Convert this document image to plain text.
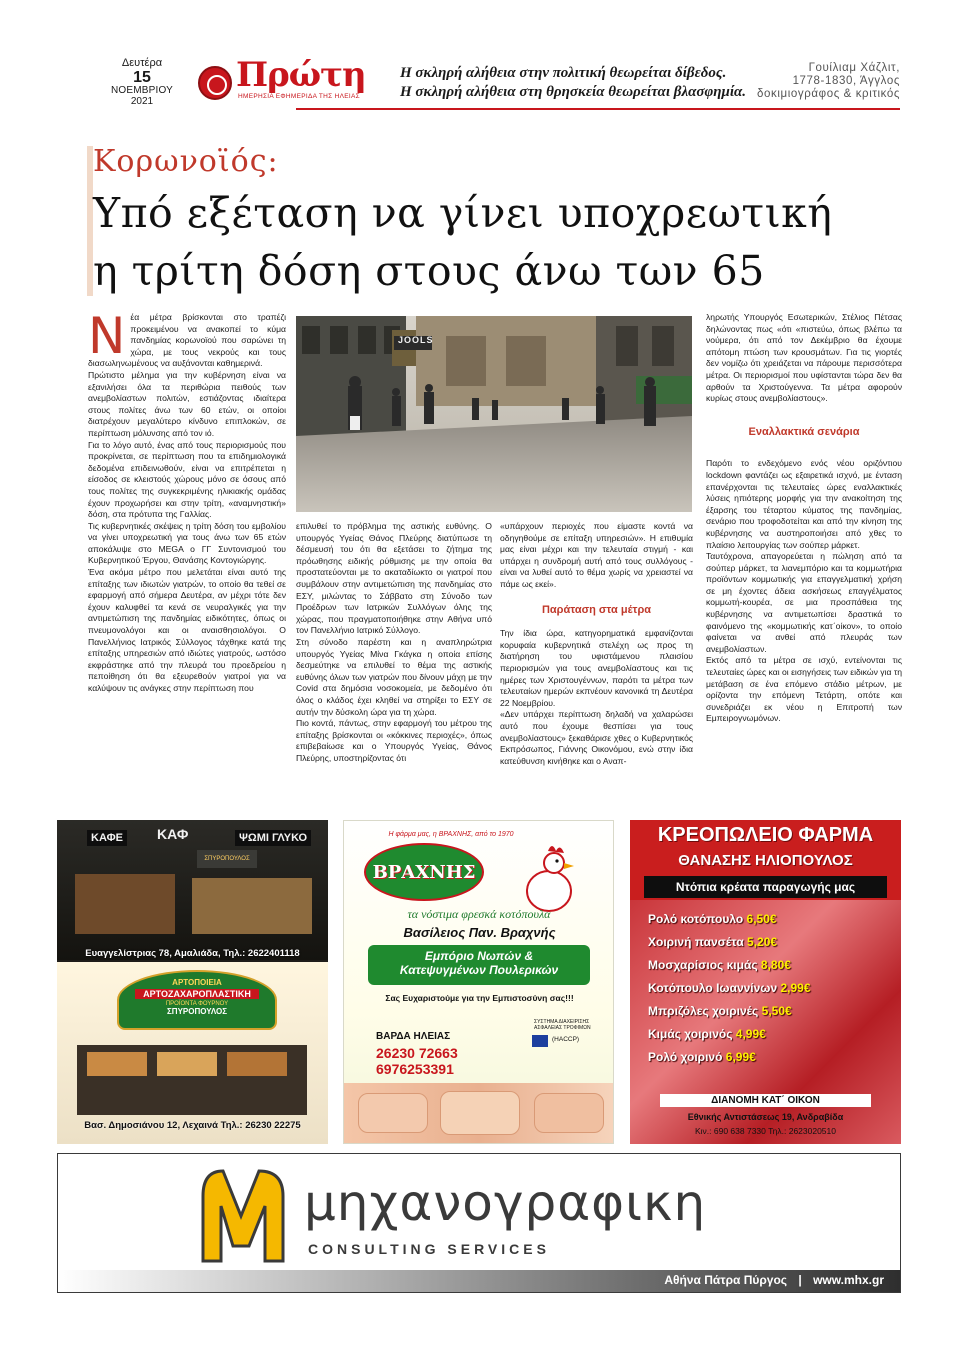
Δευτέρα
15
ΝΟΕΜΒΡΙΟΥ
2021
Πρώτη
ΗΜΕΡΗΣΙΑ ΕΦΗΜΕΡΙΔΑ ΤΗΣ ΗΛΕΙΑΣ
Η σκληρή αλήθεια στην πολιτική θεωρείται δίβεδος.
Η σκληρή αλήθεια στη θρησκεία θεωρείται βλασφημία.
Γουίλιαμ Χάζλιτ,
1778-1830, Άγγλος
δοκιμιογράφος & κριτικός
Κορωνοϊός:
Υπό εξέταση να γίνει υποχρεωτική
η τρίτη δόση στους άνω των 65
Ν έα μέτρα βρίσκονται στο τραπέζι προκειμένου να ανακοπεί το κύμα πανδημίας κορωνοϊού που σαρώνει τη χώρα, με τους νεκρούς και τους διασωληνωμένους να αυξάνονται καθημερινά.

Πρώτιστο μέλημα για την κυβέρνηση είναι να εξανιλήσει όλα τα περιθώρια πειθούς των ανεμβολίαστων πολιτών, εστιάζοντας ιδιαίτερα στους πολίτες άνω των 60 ετών, οι οποίοι διατρέχουν μεγαλύτερο κίνδυνο επιπλοκών, σε περίπτωση μόλυνσης από τον ιό.

Για το λόγο αυτό, ένας από τους περιορισμούς που προκρίνεται, σε περίπτωση που τα επιδημιολογικά δεδομένα επιδεινωθούν, είναι να επιτρέπεται η είσοδος σε κλειστούς χώρους μόνο σε όσους από τους πολίτες της συγκεκριμένης ηλικιακής ομάδας έχουν προχωρήσει και στην τρίτη, «αναμνηστική» δόση, στα πρότυπα της Γαλλίας.

Τις κυβερνητικές σκέψεις η τρίτη δόση του εμβολίου να γίνει υποχρεωτική για τους άνω των 65 ετών αποκάλυψε στο MEGA ο ΓΓ Συντονισμού του Κυβερνητικού Έργου, Θανάσης Κοντογιώργης.

Ένα ακόμα μέτρο που μελετάται είναι αυτό της επίταξης των ιδιωτών γιατρών, το οποίο θα τεθεί σε εφαρμογή από σήμερα Δευτέρα, αν μέχρι τότε δεν έχουν καλυφθεί τα κενά σε νευραλγικές για την αντιμετώπιση της πανδημίας ειδικότητες, όπως οι πνευμονολόγοι και οι αναισθησιολόγοι. Ο Πανελλήνιος Ιατρικός Σύλλογος τάχθηκε κατά της επίταξης υπηρεσιών από ιδιώτες γιατρούς, ωστόσο εκφράστηκε από την πλευρά του προεδρείου η πεποίθηση ότι θα εξευρεθούν γιατροί για να καλύψουν τις ανάγκες στην περίπτωση που

JOOLS

επιλυθεί το πρόβλημα της αστικής ευθύνης. Ο υπουργός Υγείας Θάνος Πλεύρης διατύπωσε τη δέσμευσή του ότι θα εξετάσει το ζήτημα της πρόωθησης ειδικής ρύθμισης με την οποία θα προστατεύονται με το ακαταδίωκτο οι γιατροί που συμβάλουν στην αντιμετώπιση της πανδημίας στο ΕΣΥ, μιλώντας το Σάββατο στη Σύνοδο των Προέδρων των Ιατρικών Συλλόγων όλης της χώρας, που πραγματοποιήθηκε στην Αθήνα υπό τον Πανελλήνιο Ιατρικό Σύλλογο.

Στη σύνοδο παρέστη και η αναπληρώτρια υπουργός Υγείας Μίνα Γκάγκα η οποία επίσης δεσμεύτηκε να επιλυθεί το θέμα της αστικής ευθύνης όλων των γιατρών που δίνουν μάχη με την Covid στα δημόσια νοσοκομεία, με δεδομένο ότι όλος ο κλάδος έχει κληθεί να στηρίξει το ΕΣΥ σε αυτήν την δύσκολη ώρα για τη χώρα.

Πιο κοντά, πάντως, στην εφαρμογή του μέτρου της επίταξης βρίσκονται οι «κόκκινες περιοχές», όπως επιβεβαίωσε και ο Υπουργός Υγείας, Θάνος Πλεύρης, υποστηρίζοντας ότι

«υπάρχουν περιοχές που είμαστε κοντά να οδηγηθούμε σε επίταξη υπηρεσιών». Η επιθυμία μας είναι μέχρι και την τελευταία στιγμή - και υπάρχει η συνδρομή αυτή από τους συλλόγους - είναι να λυθεί αυτό το θέμα χωρίς να χρειαστεί να πάμε ως εκεί».

Παράταση στα μέτρα

Την ίδια ώρα, κατηγορηματικά εμφανίζονται κορυφαία κυβερνητικά στελέχη ως προς τη διατήρηση του υφιστάμενου πλαισίου περιορισμών για τους ανεμβολίαστους και τις ημέρες των Χριστουγέννων, παρότι τα μέτρα των τελευταίων ημερών εκπνέουν κανονικά τη Δευτέρα 22 Νοεμβρίου.

«Δεν υπάρχει περίπτωση δηλαδή να χαλαρώσει αυτό που έχουμε θεσπίσει για τους ανεμβολίαστους» ξεκαθάρισε χθες ο Κυβερνητικός Εκπρόσωπος, Γιάννης Οικονόμου, ενώ στην ίδια κατεύθυνση κινήθηκε και ο Αναπ-

ληρωτής Υπουργός Εσωτερικών, Στέλιος Πέτσας δηλώνοντας πως «ότι «πιστεύω, όπως βλέπω τα νούμερα, ότι από τον Δεκέμβριο θα έχουμε απότομη πτώση των κρουσμάτων. Για τις γιορτές δεν νομίζω ότι χρειάζεται να πάρουμε περισσότερα μέτρα. Οι περιορισμοί που υφίστανται τώρα δεν θα αρθούν τα Χριστούγεννα. Τα μέτρα αφορούν κυρίως στους ανεμβολίαστους».

Εναλλακτικά σενάρια

Παρότι το ενδεχόμενο ενός νέου οριζόντιου lockdown φαντάζει ως εξαιρετικά ισχνό, με ένταση επανέρχονται τις τελευταίες ώρες εναλλακτικές λύσεις ηπιότερης μορφής για την ανακοίτηση της έξαρσης του τέταρτου κύματος της πανδημίας, σενάριο που τροφοδοτείται και από την κίνηση της κυβέρνησης να αυστηροποιήσει από χθες το πλαίσιο λειτουργίας των σούπερ μάρκετ.

Ταυτόχρονα, απαγορεύεται η πώληση από τα σούπερ μάρκετ, τα λιανεμπόριο και τα κομμωτήρια προϊόντων κομμωτικής για επαγγελματική χρήση σε μη έχοντες άδεια ασκήσεως επαγγέλματος κομμωτή-κουρέα, σε μια προσπάθεια της κυβέρνησης να αντιμετωπίσει δραστικά το φαινόμενο της «κομμωτικής κατ΄οίκον», το οποίο φαίνεται να ανθεί από πλευράς των ανεμβολίαστων.

Εκτός από τα μέτρα σε ισχύ, εντείνονται τις τελευταίες ώρες και οι εισηγήσεις των ειδικών για τη μετάβαση σε ένα επόμενο στάδιο μέτρων, με ορίζοντα την επόμενη Τετάρτη, οπότε και συνεδριάζει εκ νέου η Επιτροπή των Εμπειρογνωμόνων.

ΚΑΦΕ ΚΑΦ	ΨΩΜΙ ΓΛΥΚΟ
ΣΠΥΡΟΠΟΥΛΟΣ
Ευαγγελίστριας 78, Αμαλιάδα, Τηλ.: 2622401118
ΑΡΤΟΠΟΙΕΙΑ
ΑΡΤΟΖΑΧΑΡΟΠΛΑΣΤΙΚΗ
ΠΡΟΪΟΝΤΑ ΦΟΥΡΝΟΥ
ΣΠΥΡΟΠΟΥΛΟΣ
Βασ. Δημοσιάνου 12, Λεχαινά Τηλ.: 26230 22275
Η φάρμα μας, η ΒΡΑΧΝΗΣ, από το 1970
ΒΡΑΧΝΗΣ
τα νόστιμα φρεσκά κοτόπουλα
Βασίλειος Παν. Βραχνής
Εμπόριο Νωπών &
Κατεψυγμένων Πουλερικών
Σας Ευχαριστούμε για την Εμπιστοσύνη σας!!!
ΒΑΡΔΑ ΗΛΕΙΑΣ
26230 72663
6976253391
ΣΥΣΤΗΜΑ ΔΙΑΧΕΙΡΙΣΗΣ ΑΣΦΑΛΕΙΑΣ ΤΡΟΦΙΜΩΝ
(HACCP)
ΚΡΕΟΠΩΛΕΙΟ ΦΑΡΜΑ
ΘΑΝΑΣΗΣ ΗΛΙΟΠΟΥΛΟΣ
Ντόπια κρέατα παραγωγής μας
Ρολό κοτόπουλο 6,50€
Χοιρινή πανσέτα 5,20€
Μοσχαρίσιος κιμάς 8,80€
Κοτόπουλο Ιωαννίνων 2,99€
Μπριζόλες χοιρινές 5,50€
Κιμάς χοιρινός 4,99€
Ρολό χοιρινό 6,99€
ΔΙΑΝΟΜΗ ΚΑΤ΄ ΟΙΚΟΝ
Εθνικής Αντιστάσεως 19, Ανδραβίδα
Κιν.: 690 638 7330 Τηλ.: 2623020510
μηχανογραφικη
CONSULTING SERVICES
Αθήνα Πάτρα Πύργος | www.mhx.gr
